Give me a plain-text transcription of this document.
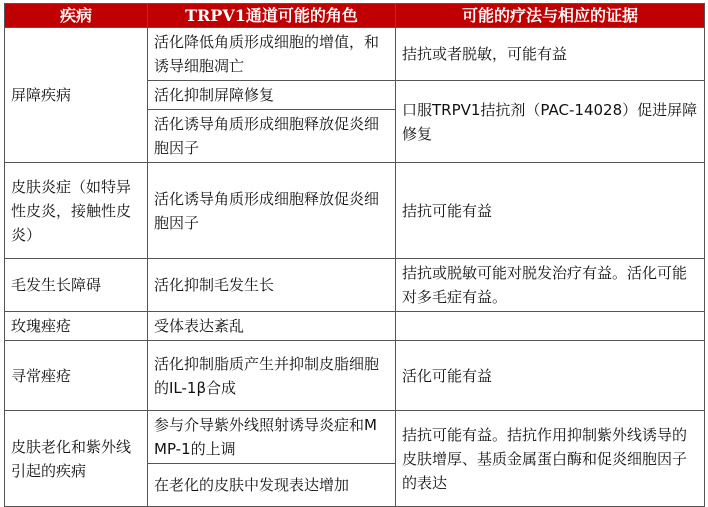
疾病	TRPV1通道可能的角色	可能的疗法与相应的证据
屏障疾病	活化降低角质形成细胞的增值，和诱导细胞凋亡	拮抗或者脱敏，可能有益
	活化抑制屏障修复	口服TRPV1拮抗剂（PAC-14028）促进屏障修复
	活化诱导角质形成细胞释放促炎细胞因子	
皮肤炎症（如特异性皮炎，接触性皮炎）	活化诱导角质形成细胞释放促炎细胞因子	拮抗可能有益
毛发生长障碍	活化抑制毛发生长	拮抗或脱敏可能对脱发治疗有益。活化可能对多毛症有益。
玫瑰痤疮	受体表达紊乱	
寻常痤疮	活化抑制脂质产生并抑制皮脂细胞的IL-1β合成	活化可能有益
皮肤老化和紫外线引起的疾病	参与介导紫外线照射诱导炎症和MMP-1的上调	拮抗可能有益。拮抗作用抑制紫外线诱导的皮肤增厚、基质金属蛋白酶和促炎细胞因子的表达
	在老化的皮肤中发现表达增加	
